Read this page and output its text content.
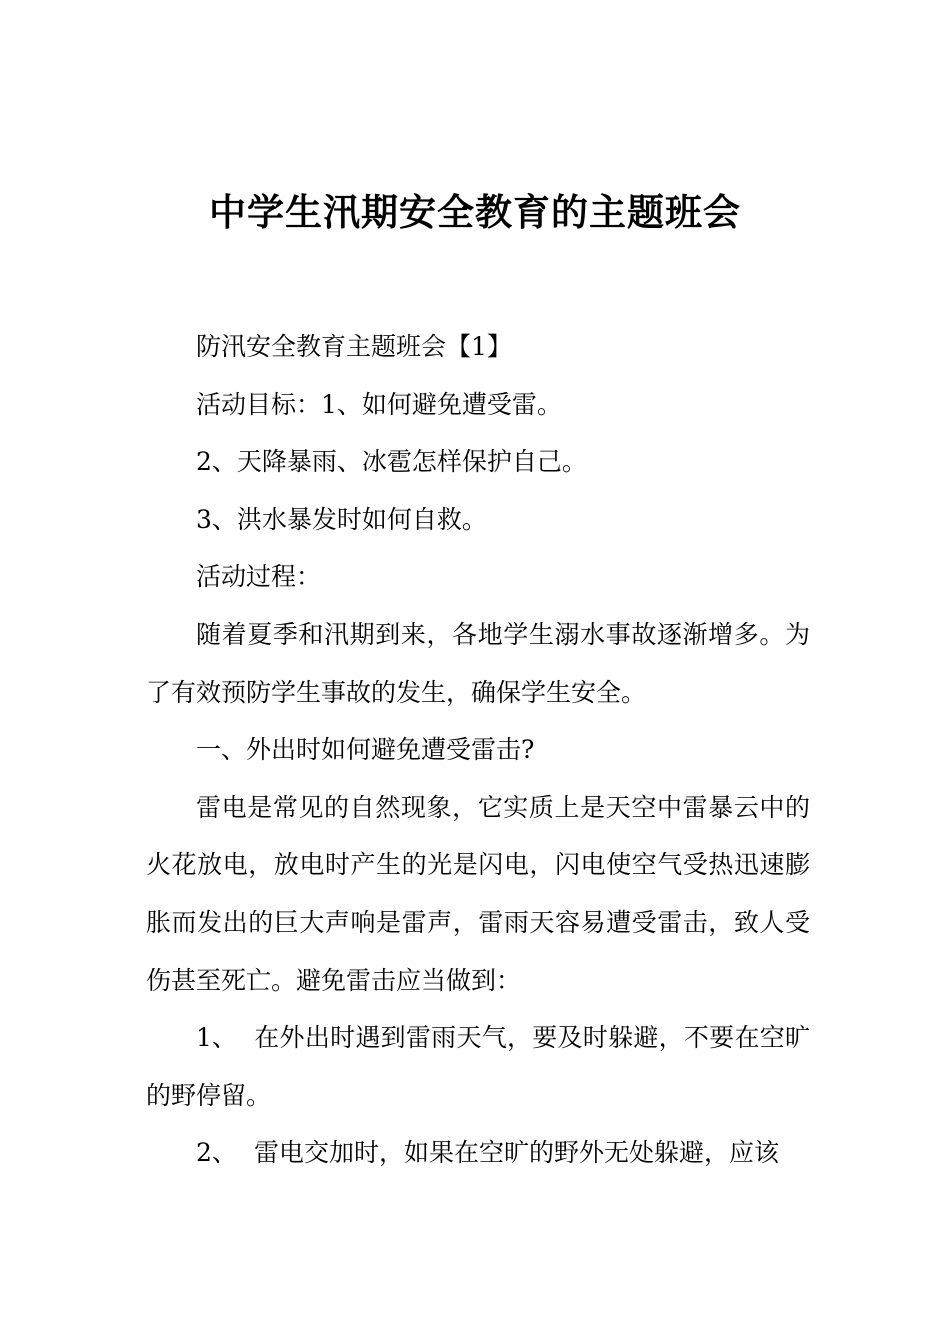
中学生汛期安全教育的主题班会

防汛安全教育主题班会【1】

活动目标：1、如何避免遭受雷。

2、天降暴雨、冰雹怎样保护自己。

3、洪水暴发时如何自救。

活动过程：

随着夏季和汛期到来，各地学生溺水事故逐渐增多。为了有效预防学生事故的发生，确保学生安全。

一、外出时如何避免遭受雷击?

雷电是常见的自然现象，它实质上是天空中雷暴云中的火花放电，放电时产生的光是闪电，闪电使空气受热迅速膨胀而发出的巨大声响是雷声，雷雨天容易遭受雷击，致人受伤甚至死亡。避免雷击应当做到：

1、 在外出时遇到雷雨天气，要及时躲避，不要在空旷的野停留。

2、 雷电交加时，如果在空旷的野外无处躲避，应该
